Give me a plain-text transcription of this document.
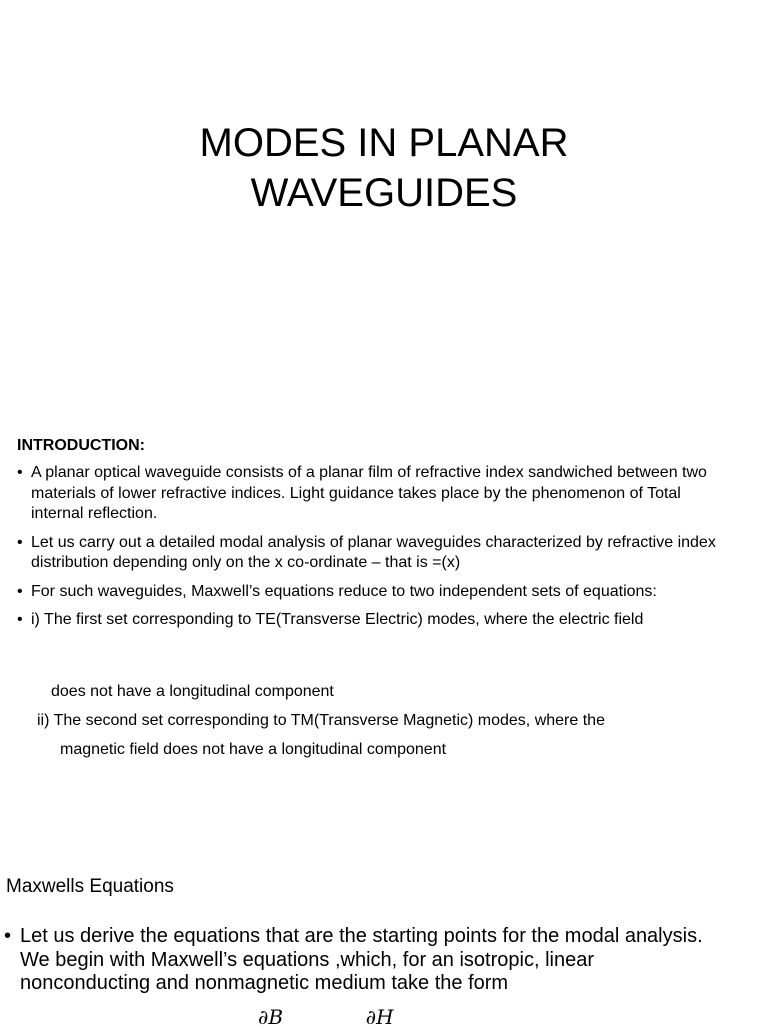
MODES IN PLANAR
WAVEGUIDES
INTRODUCTION:
• A planar optical waveguide consists of a planar film of refractive index sandwiched between two materials of lower refractive indices. Light guidance takes place by the phenomenon of Total internal reflection.
• Let us carry out a detailed modal analysis of planar waveguides characterized by refractive index distribution depending only on the x co-ordinate – that is =(x)
• For such waveguides, Maxwell’s equations reduce to two independent sets of equations:
• i) The first set corresponding to TE(Transverse Electric) modes, where the electric field
does not have a longitudinal component
ii) The second set corresponding to TM(Transverse Magnetic) modes, where the
magnetic field does not have a longitudinal component
Maxwells Equations
• Let us derive the equations that are the starting points for the modal analysis. We begin with Maxwell’s equations ,which, for an isotropic, linear nonconducting and nonmagnetic medium take the form
∂B	∂H
